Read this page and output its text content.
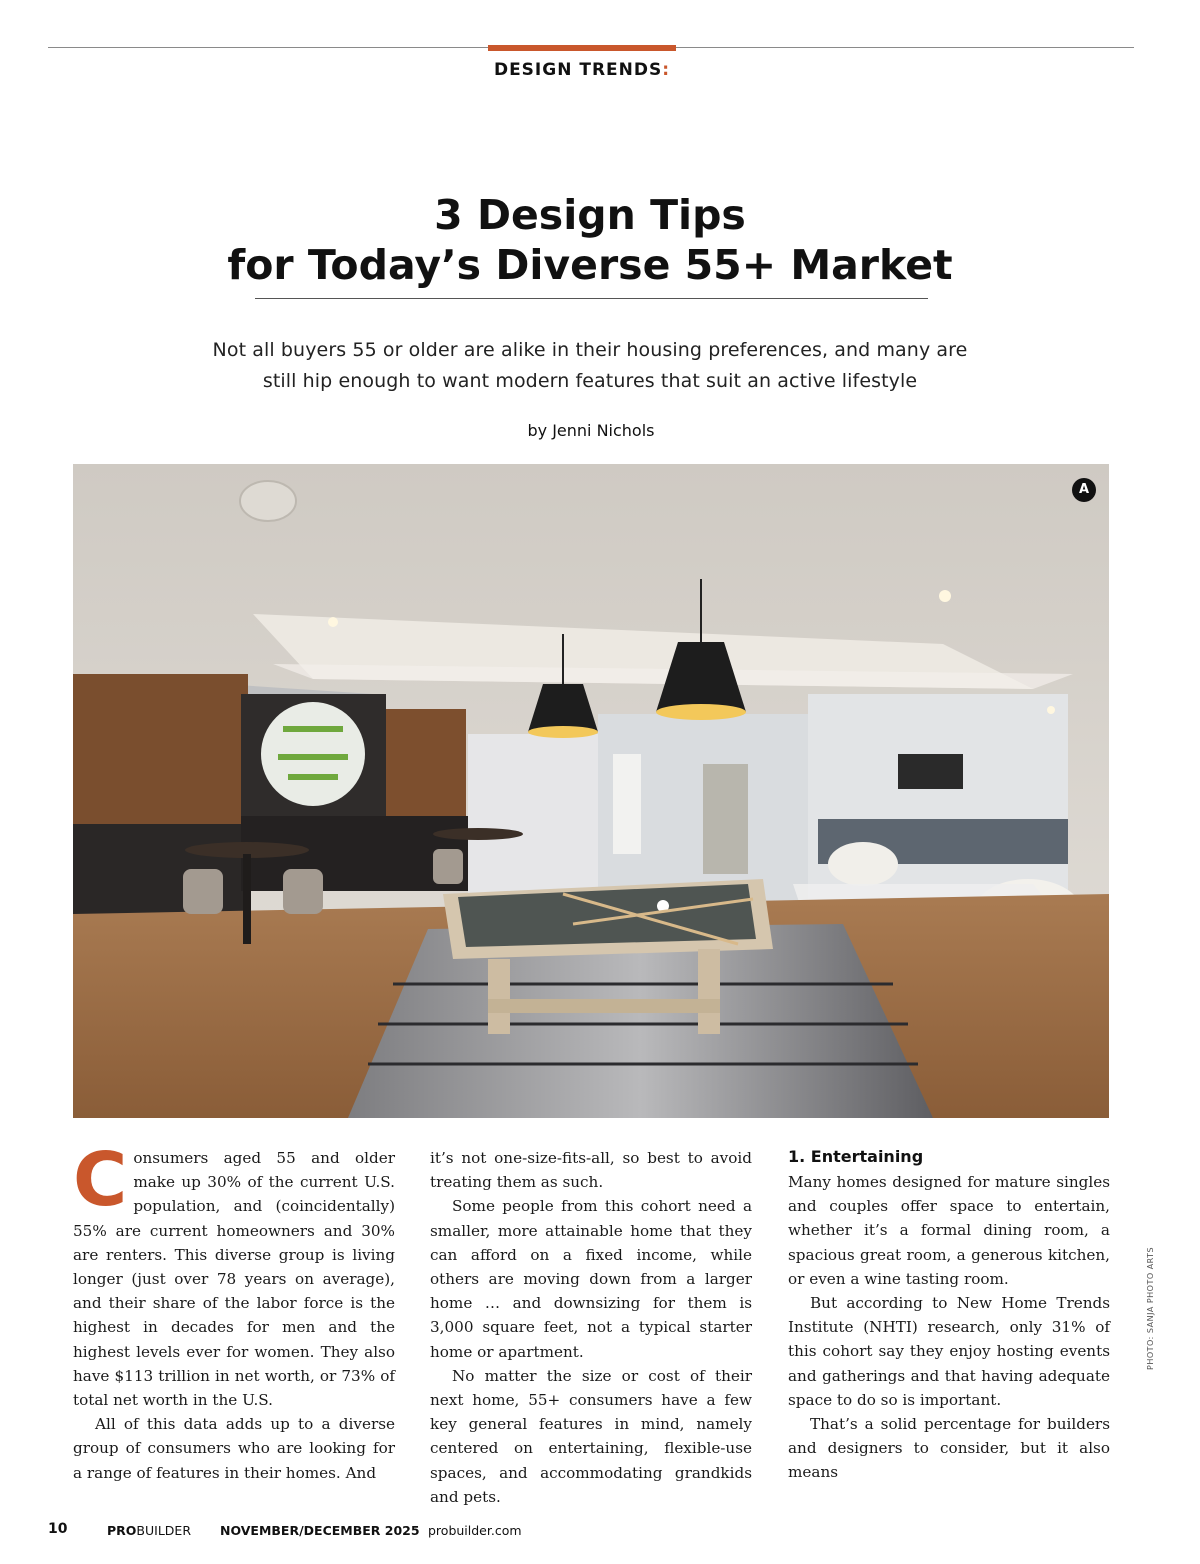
DESIGN TRENDS:
3 Design Tips
for Today’s Diverse 55+ Market
Not all buyers 55 or older are alike in their housing preferences, and many are
still hip enough to want modern features that suit an active lifestyle
by Jenni Nichols
A
PHOTO: SANJA PHOTO ARTS

Consumers aged 55 and older make up 30% of the current U.S. population, and (coincidentally) 55% are current homeowners and 30% are renters. This diverse group is living longer (just over 78 years on average), and their share of the labor force is the highest in decades for men and the highest levels ever for women. They also have $113 trillion in net worth, or 73% of total net worth in the U.S.

All of this data adds up to a diverse group of consumers who are looking for a range of features in their homes. And

it’s not one-size-fits-all, so best to avoid treating them as such.

Some people from this cohort need a smaller, more attainable home that they can afford on a fixed income, while others are moving down from a larger home … and downsizing for them is 3,000 square feet, not a typical starter home or apartment.

No matter the size or cost of their next home, 55+ consumers have a few key general features in mind, namely centered on entertaining, flexible-use spaces, and accommodating grandkids and pets.

1. Entertaining

Many homes designed for mature singles and couples offer space to entertain, whether it’s a formal dining room, a spacious great room, a generous kitchen, or even a wine tasting room.

But according to New Home Trends Institute (NHTI) research, only 31% of this cohort say they enjoy hosting events and gatherings and that having adequate space to do so is important.

That’s a solid percentage for builders and designers to consider, but it also means

10	PROBUILDER NOVEMBER/DECEMBER 2025 probuilder.com
